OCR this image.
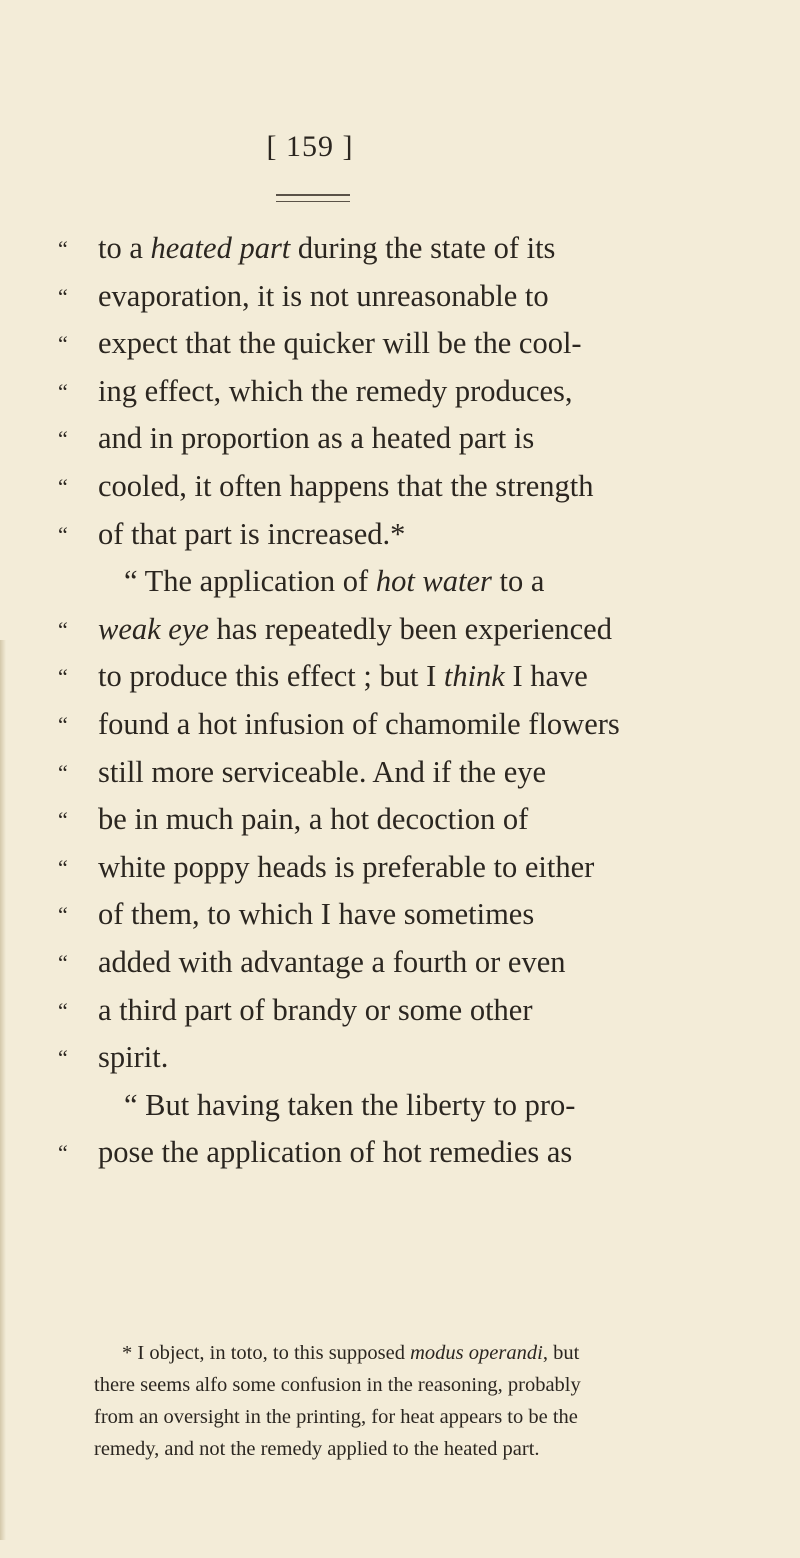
[ 159 ]
“ to a heated part during the state of its
“ evaporation, it is not unreasonable to
“ expect that the quicker will be the cool-
“ ing effect, which the remedy produces,
“ and in proportion as a heated part is
“ cooled, it often happens that the strength
“ of that part is increased.*
“ The application of hot water to a
“ weak eye has repeatedly been experienced
“ to produce this effect ; but I think I have
“ found a hot infusion of chamomile flowers
“ still more serviceable. And if the eye
“ be in much pain, a hot decoction of
“ white poppy heads is preferable to either
“ of them, to which I have sometimes
“ added with advantage a fourth or even
“ a third part of brandy or some other
“ spirit.
“ But having taken the liberty to pro-
“ pose the application of hot remedies as
* I object, in toto, to this supposed modus operandi, but
there seems alfo some confusion in the reasoning, probably
from an oversight in the printing, for heat appears to be the
remedy, and not the remedy applied to the heated part.
